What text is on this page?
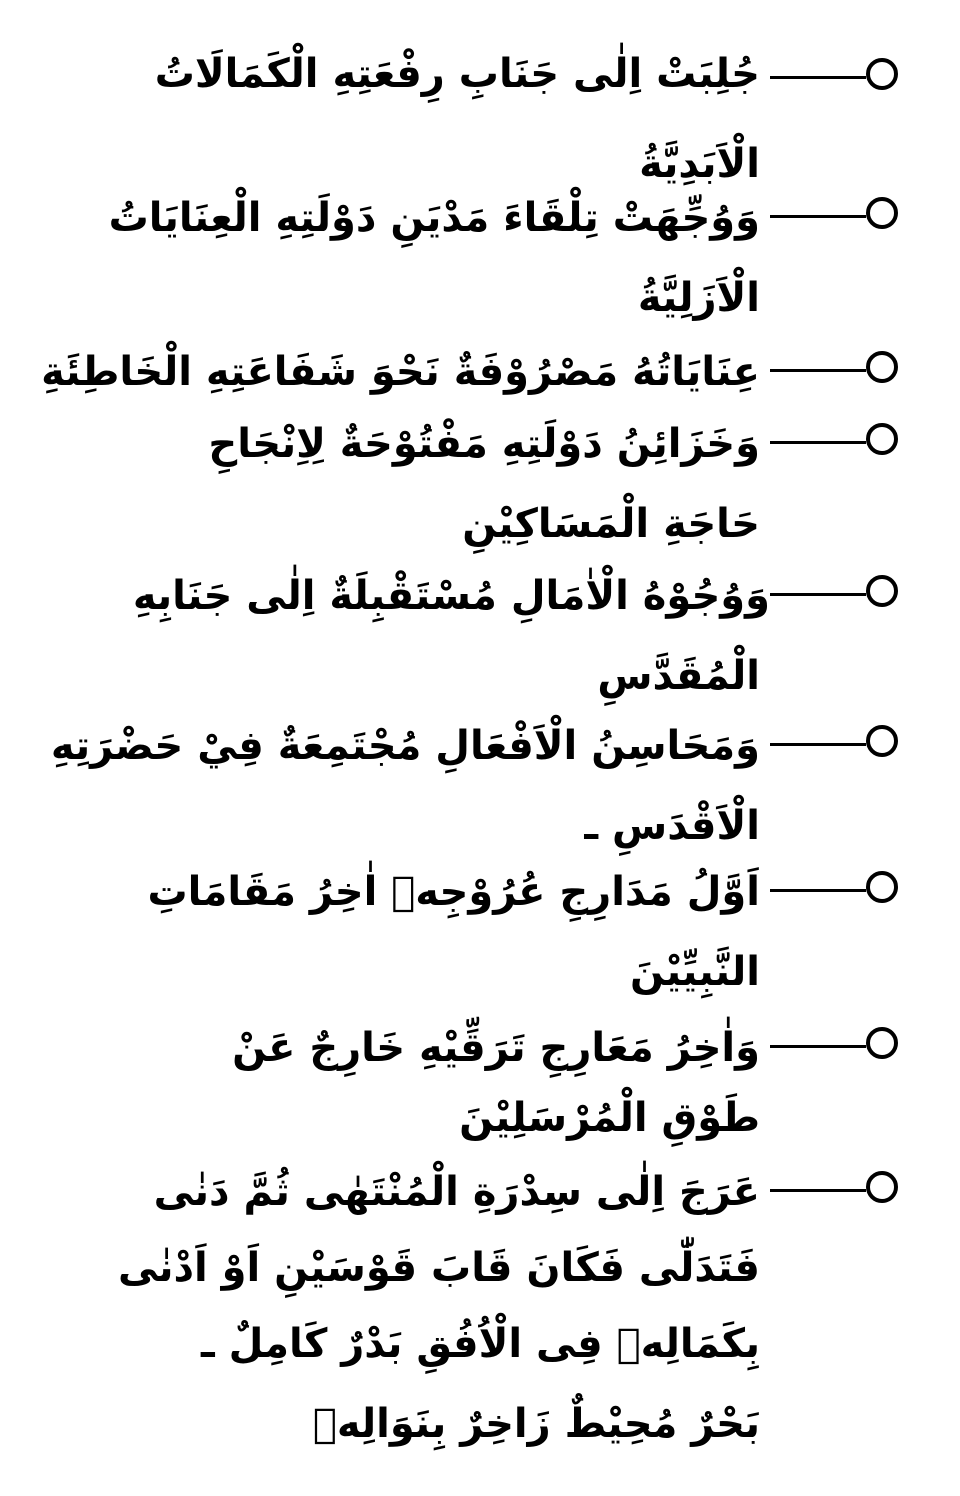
جُلِبَتْ اِلٰى جَنَابِ رِفْعَتِهِ الْكَمَالَاتُ
الْاَبَدِيَّةُ
وَوُجِّهَتْ تِلْقَاءَ مَدْيَنِ دَوْلَتِهِ الْعِنَايَاتُ
الْاَزَلِيَّةُ
عِنَايَاتُهُ مَصْرُوْفَةٌ نَحْوَ شَفَاعَتِهِ الْخَاطِئَةِ
وَخَزَائِنُ دَوْلَتِهِ مَفْتُوْحَةٌ لِاِنْجَاحِ
حَاجَةِ الْمَسَاكِيْنِ
وَوُجُوْهُ الْاٰمَالِ مُسْتَقْبِلَةٌ اِلٰى جَنَابِهِ
الْمُقَدَّسِ
وَمَحَاسِنُ الْاَفْعَالِ مُجْتَمِعَةٌ فِيْ حَضْرَتِهِ
الْاَقْدَسِ ـ
اَوَّلُ مَدَارِجِ عُرُوْجِهٖ اٰخِرُ مَقَامَاتِ
النَّبِيِّيْنَ
وَاٰخِرُ مَعَارِجِ تَرَقِّيْهِ خَارِجٌ عَنْ
طَوْقِ الْمُرْسَلِيْنَ
عَرَجَ اِلٰى سِدْرَةِ الْمُنْتَهٰى ثُمَّ دَنٰى
فَتَدَلّٰى فَكَانَ قَابَ قَوْسَيْنِ اَوْ اَدْنٰى
بِكَمَالِهٖ فِى الْاُفُقِ بَدْرٌ كَامِلٌ ـ
بَحْرٌ مُحِيْطٌ زَاخِرٌ بِنَوَالِهٖ
